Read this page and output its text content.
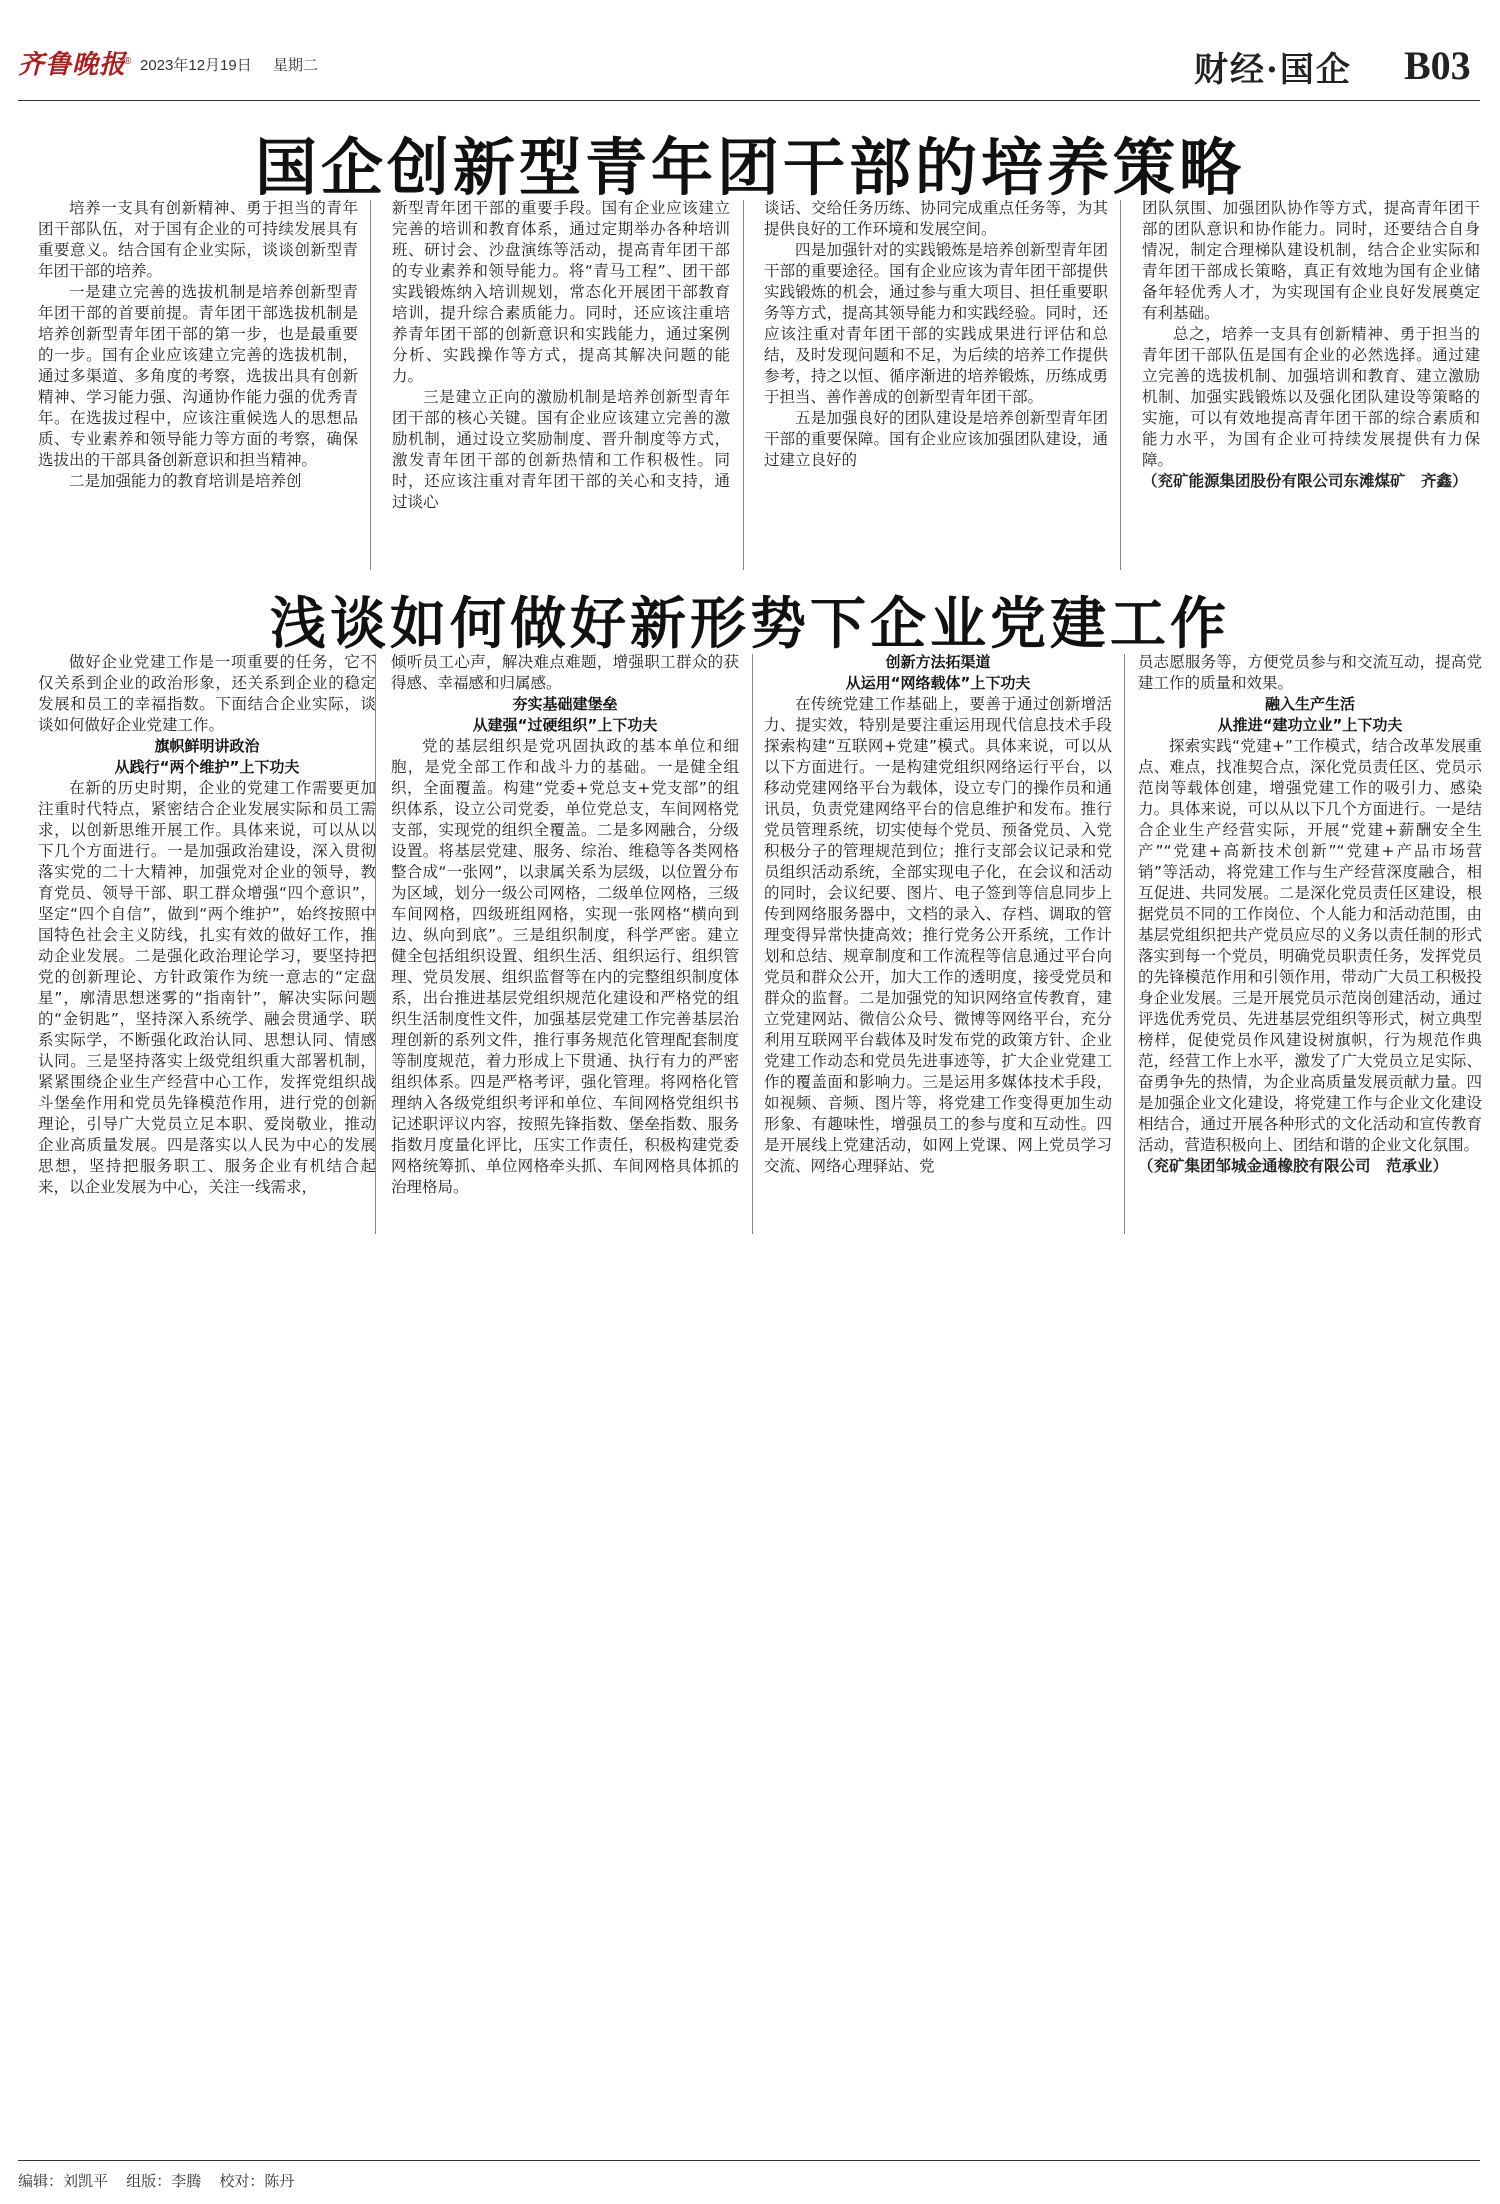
齐鲁晚报
® 2023年12月19日 星期二	财经·国企 B03
国企创新型青年团干部的培养策略

培养一支具有创新精神、勇于担当的青年团干部队伍，对于国有企业的可持续发展具有重要意义。结合国有企业实际，谈谈创新型青年团干部的培养。

一是建立完善的选拔机制是培养创新型青年团干部的首要前提。青年团干部选拔机制是培养创新型青年团干部的第一步，也是最重要的一步。国有企业应该建立完善的选拔机制，通过多渠道、多角度的考察，选拔出具有创新精神、学习能力强、沟通协作能力强的优秀青年。在选拔过程中，应该注重候选人的思想品质、专业素养和领导能力等方面的考察，确保选拔出的干部具备创新意识和担当精神。

二是加强能力的教育培训是培养创

新型青年团干部的重要手段。国有企业应该建立完善的培训和教育体系，通过定期举办各种培训班、研讨会、沙盘演练等活动，提高青年团干部的专业素养和领导能力。将“青马工程”、团干部实践锻炼纳入培训规划，常态化开展团干部教育培训，提升综合素质能力。同时，还应该注重培养青年团干部的创新意识和实践能力，通过案例分析、实践操作等方式，提高其解决问题的能力。

三是建立正向的激励机制是培养创新型青年团干部的核心关键。国有企业应该建立完善的激励机制，通过设立奖励制度、晋升制度等方式，激发青年团干部的创新热情和工作积极性。同时，还应该注重对青年团干部的关心和支持，通过谈心

谈话、交给任务历练、协同完成重点任务等，为其提供良好的工作环境和发展空间。

四是加强针对的实践锻炼是培养创新型青年团干部的重要途径。国有企业应该为青年团干部提供实践锻炼的机会，通过参与重大项目、担任重要职务等方式，提高其领导能力和实践经验。同时，还应该注重对青年团干部的实践成果进行评估和总结，及时发现问题和不足，为后续的培养工作提供参考，持之以恒、循序渐进的培养锻炼，历练成勇于担当、善作善成的创新型青年团干部。

五是加强良好的团队建设是培养创新型青年团干部的重要保障。国有企业应该加强团队建设，通过建立良好的

团队氛围、加强团队协作等方式，提高青年团干部的团队意识和协作能力。同时，还要结合自身情况，制定合理梯队建设机制，结合企业实际和青年团干部成长策略，真正有效地为国有企业储备年轻优秀人才，为实现国有企业良好发展奠定有利基础。

总之，培养一支具有创新精神、勇于担当的青年团干部队伍是国有企业的必然选择。通过建立完善的选拔机制、加强培训和教育、建立激励机制、加强实践锻炼以及强化团队建设等策略的实施，可以有效地提高青年团干部的综合素质和能力水平，为国有企业可持续发展提供有力保障。

（兖矿能源集团股份有限公司东滩煤矿　齐鑫）

浅谈如何做好新形势下企业党建工作

做好企业党建工作是一项重要的任务，它不仅关系到企业的政治形象，还关系到企业的稳定发展和员工的幸福指数。下面结合企业实际，谈谈如何做好企业党建工作。

旗帜鲜明讲政治

从践行“两个维护”上下功夫

在新的历史时期，企业的党建工作需要更加注重时代特点，紧密结合企业发展实际和员工需求，以创新思维开展工作。具体来说，可以从以下几个方面进行。一是加强政治建设，深入贯彻落实党的二十大精神，加强党对企业的领导，教育党员、领导干部、职工群众增强“四个意识”，坚定“四个自信”，做到“两个维护”，始终按照中国特色社会主义防线，扎实有效的做好工作，推动企业发展。二是强化政治理论学习，要坚持把党的创新理论、方针政策作为统一意志的“定盘星”，廓清思想迷雾的“指南针”，解决实际问题的“金钥匙”，坚持深入系统学、融会贯通学、联系实际学，不断强化政治认同、思想认同、情感认同。三是坚持落实上级党组织重大部署机制，紧紧围绕企业生产经营中心工作，发挥党组织战斗堡垒作用和党员先锋模范作用，进行党的创新理论，引导广大党员立足本职、爱岗敬业，推动企业高质量发展。四是落实以人民为中心的发展思想，坚持把服务职工、服务企业有机结合起来，以企业发展为中心，关注一线需求，

倾听员工心声，解决难点难题，增强职工群众的获得感、幸福感和归属感。

夯实基础建堡垒

从建强“过硬组织”上下功夫

党的基层组织是党巩固执政的基本单位和细胞，是党全部工作和战斗力的基础。一是健全组织，全面覆盖。构建“党委+党总支+党支部”的组织体系，设立公司党委，单位党总支，车间网格党支部，实现党的组织全覆盖。二是多网融合，分级设置。将基层党建、服务、综治、维稳等各类网格整合成“一张网”，以隶属关系为层级，以位置分布为区域，划分一级公司网格，二级单位网格，三级车间网格，四级班组网格，实现一张网格“横向到边、纵向到底”。三是组织制度，科学严密。建立健全包括组织设置、组织生活、组织运行、组织管理、党员发展、组织监督等在内的完整组织制度体系，出台推进基层党组织规范化建设和严格党的组织生活制度性文件，加强基层党建工作完善基层治理创新的系列文件，推行事务规范化管理配套制度等制度规范，着力形成上下贯通、执行有力的严密组织体系。四是严格考评，强化管理。将网格化管理纳入各级党组织考评和单位、车间网格党组织书记述职评议内容，按照先锋指数、堡垒指数、服务指数月度量化评比，压实工作责任，积极构建党委网格统筹抓、单位网格牵头抓、车间网格具体抓的治理格局。

创新方法拓渠道

从运用“网络载体”上下功夫

在传统党建工作基础上，要善于通过创新增活力、提实效，特别是要注重运用现代信息技术手段探索构建“互联网+党建”模式。具体来说，可以从以下方面进行。一是构建党组织网络运行平台，以移动党建网络平台为载体，设立专门的操作员和通讯员，负责党建网络平台的信息维护和发布。推行党员管理系统，切实使每个党员、预备党员、入党积极分子的管理规范到位；推行支部会议记录和党员组织活动系统，全部实现电子化，在会议和活动的同时，会议纪要、图片、电子签到等信息同步上传到网络服务器中，文档的录入、存档、调取的管理变得异常快捷高效；推行党务公开系统，工作计划和总结、规章制度和工作流程等信息通过平台向党员和群众公开，加大工作的透明度，接受党员和群众的监督。二是加强党的知识网络宣传教育，建立党建网站、微信公众号、微博等网络平台，充分利用互联网平台载体及时发布党的政策方针、企业党建工作动态和党员先进事迹等，扩大企业党建工作的覆盖面和影响力。三是运用多媒体技术手段，如视频、音频、图片等，将党建工作变得更加生动形象、有趣味性，增强员工的参与度和互动性。四是开展线上党建活动，如网上党课、网上党员学习交流、网络心理驿站、党

员志愿服务等，方便党员参与和交流互动，提高党建工作的质量和效果。

融入生产生活

从推进“建功立业”上下功夫

探索实践“党建+”工作模式，结合改革发展重点、难点，找准契合点，深化党员责任区、党员示范岗等载体创建，增强党建工作的吸引力、感染力。具体来说，可以从以下几个方面进行。一是结合企业生产经营实际，开展“党建+薪酬安全生产”“党建+高新技术创新”“党建+产品市场营销”等活动，将党建工作与生产经营深度融合，相互促进、共同发展。二是深化党员责任区建设，根据党员不同的工作岗位、个人能力和活动范围，由基层党组织把共产党员应尽的义务以责任制的形式落实到每一个党员，明确党员职责任务，发挥党员的先锋模范作用和引领作用，带动广大员工积极投身企业发展。三是开展党员示范岗创建活动，通过评选优秀党员、先进基层党组织等形式，树立典型榜样，促使党员作风建设树旗帜，行为规范作典范，经营工作上水平，激发了广大党员立足实际、奋勇争先的热情，为企业高质量发展贡献力量。四是加强企业文化建设，将党建工作与企业文化建设相结合，通过开展各种形式的文化活动和宣传教育活动，营造积极向上、团结和谐的企业文化氛围。

（兖矿集团邹城金通橡胶有限公司　范承业）

编辑：刘凯平 组版：李腾 校对：陈丹
